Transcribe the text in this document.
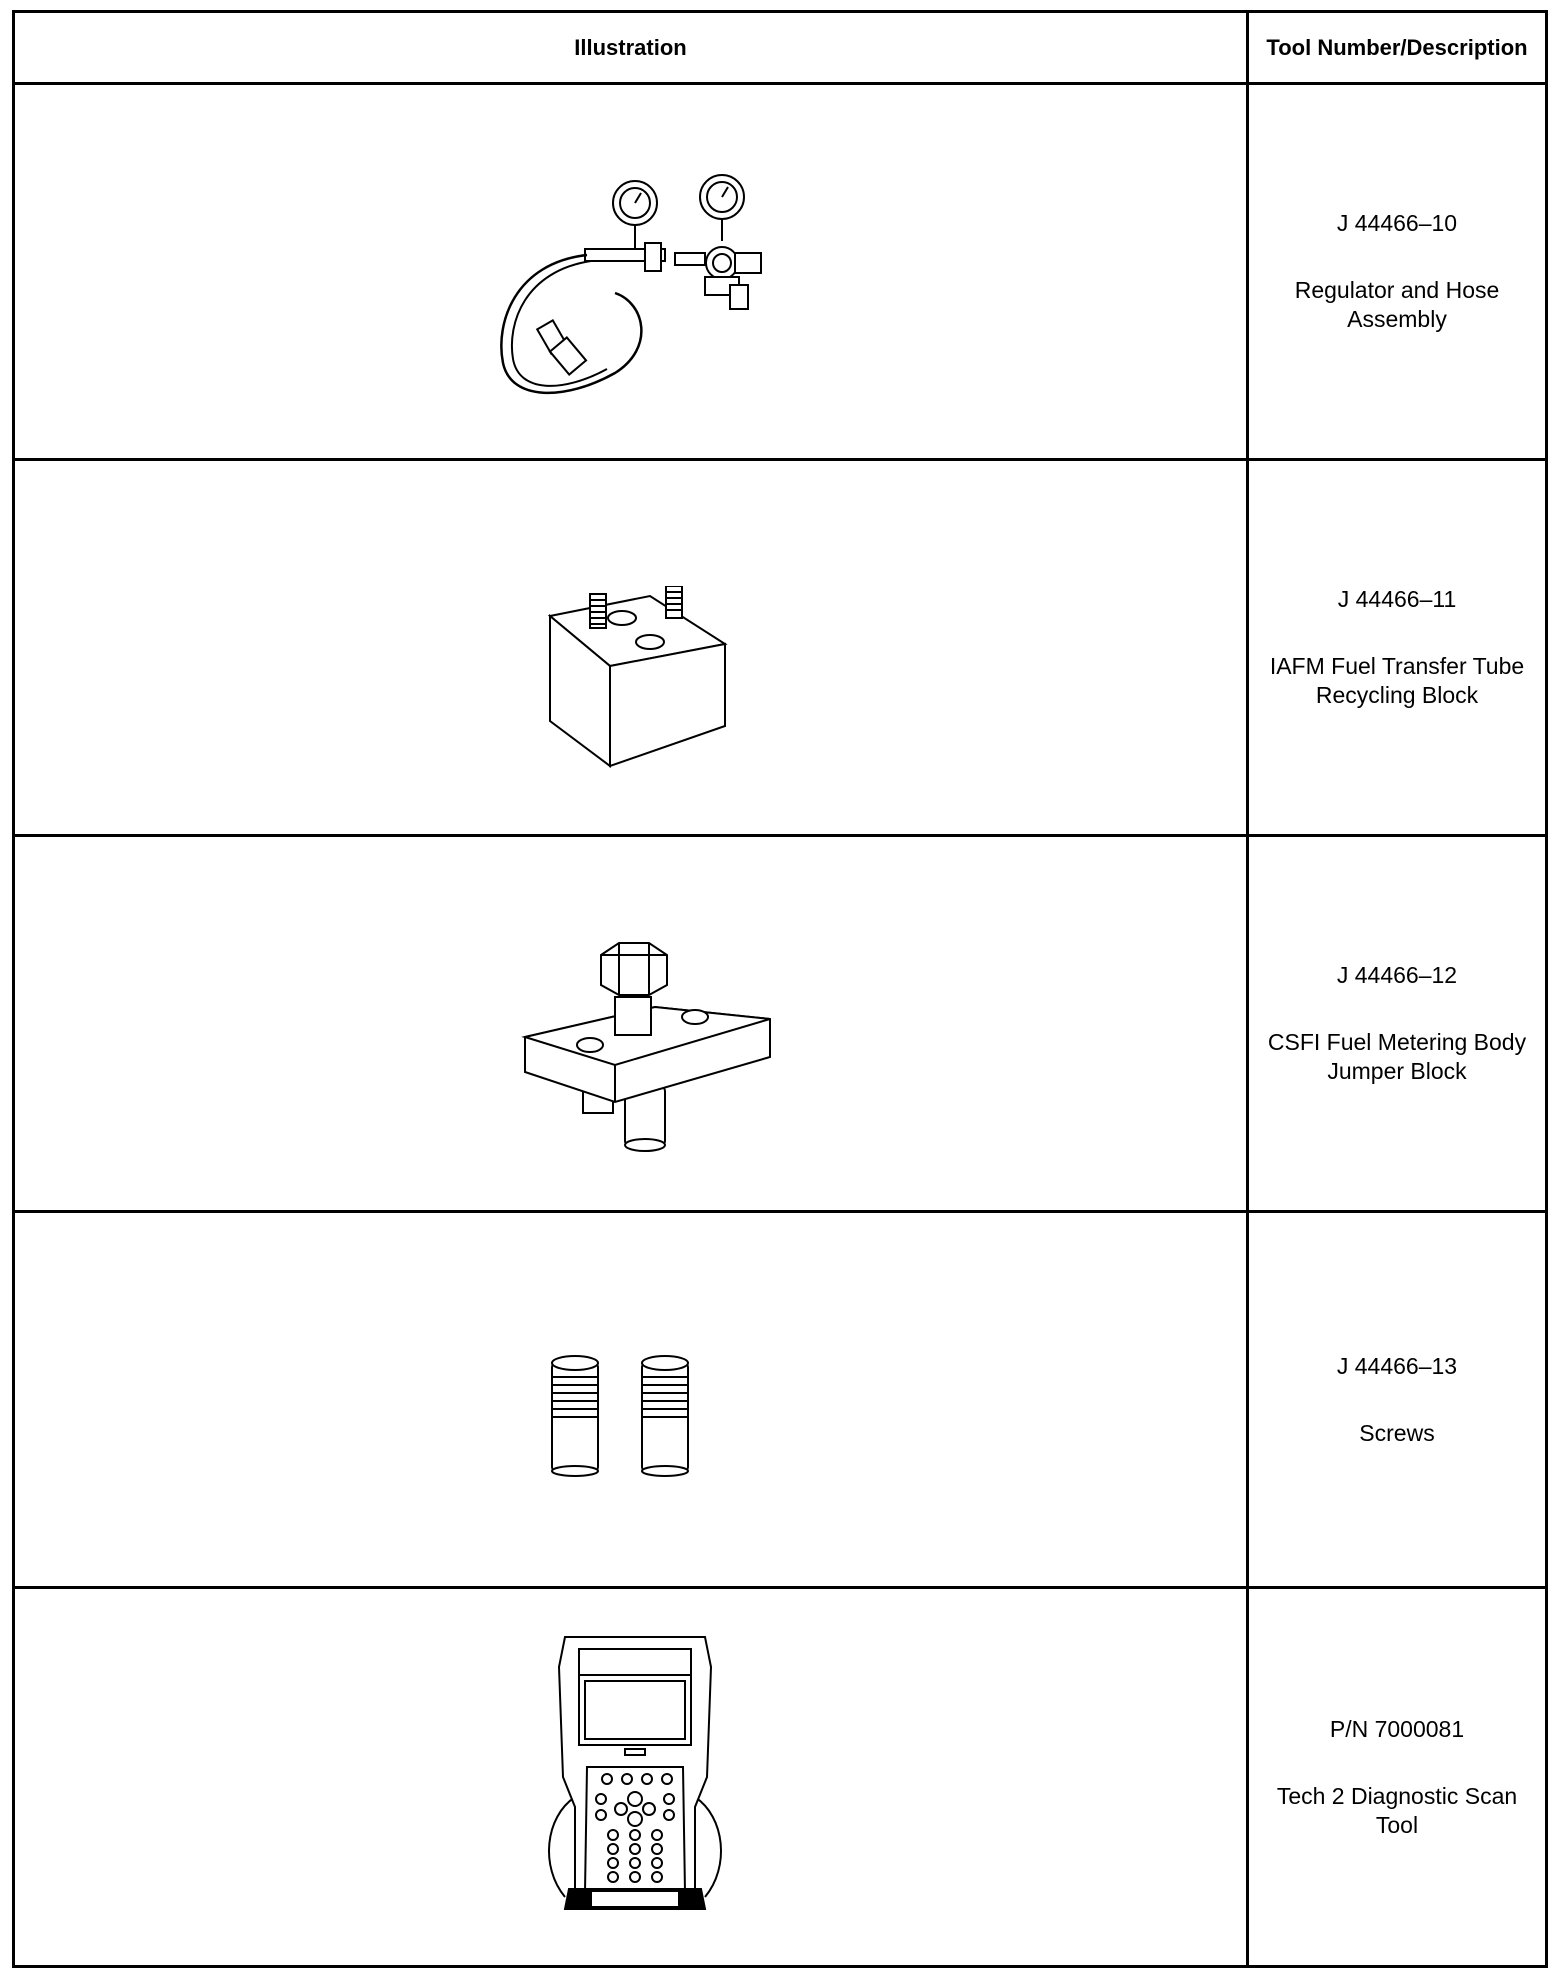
Illustration	Tool Number/Description

J 44466–10
Regulator and Hose Assembly

J 44466–11
IAFM Fuel Transfer Tube Recycling Block

J 44466–12
CSFI Fuel Metering Body Jumper Block

J 44466–13
Screws

P/N 7000081
Tech 2 Diagnostic Scan Tool
